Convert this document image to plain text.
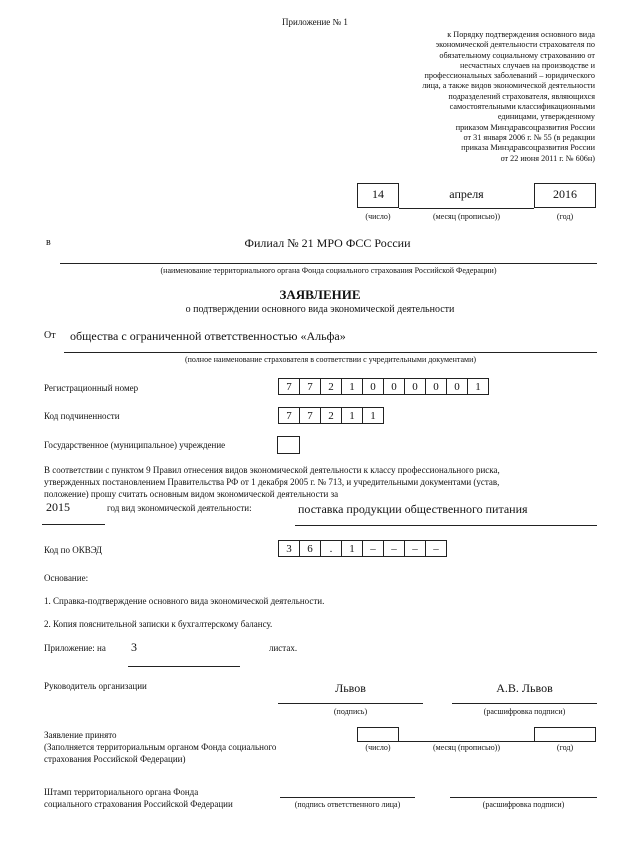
Приложение № 1
к Порядку подтверждения основного вида
экономической деятельности страхователя по
обязательному социальному страхованию от
несчастных случаев на производстве и
профессиональных заболеваний – юридического
лица, а также видов экономической деятельности
подразделений страхователя, являющихся
самостоятельными классификационными
единицами, утвержденному
приказом Минздравсоцразвития России
от 31 января 2006 г. № 55 (в редакции
приказа Минздравсоцразвития России
от 22 июня 2011 г. № 606н)
14	апреля	2016
(число)	(месяц (прописью))	(год)
в	Филиал № 21 МРО ФСС России
(наименование территориального органа Фонда социального страхования Российской Федерации)
ЗАЯВЛЕНИЕ
о подтверждении основного вида экономической деятельности
От общества с ограниченной ответственностью «Альфа»
(полное наименование страхователя в соответствии с учредительными документами)
Регистрационный номер	7	7	2	1	0	0	0	0	0	1
Код подчиненности	7	7	2	1	1
Государственное (муниципальное) учреждение
В соответствии с пунктом 9 Правил отнесения видов экономической деятельности к классу профессионального риска,
утвержденных постановлением Правительства РФ от 1 декабря 2005 г. № 713, и учредительными документами (устав,
положение) прошу считать основным видом экономической деятельности за
2015	год вид экономической деятельности:	поставка продукции общественного питания
Код по ОКВЭД	3	6	.	1	–	–	–	–
Основание:
1. Справка-подтверждение основного вида экономической деятельности.
2. Копия пояснительной записки к бухгалтерскому балансу.
Приложение: на 3	листах.
Руководитель организации	Львов	А.В. Львов
(подпись)	(расшифровка подписи)
Заявление принято
(Заполняется территориальным органом Фонда социального
страхования Российской Федерации)
(число)	(месяц (прописью))	(год)
Штамп территориального органа Фонда
социального страхования Российской Федерации	(подпись ответственного лица)	(расшифровка подписи)
